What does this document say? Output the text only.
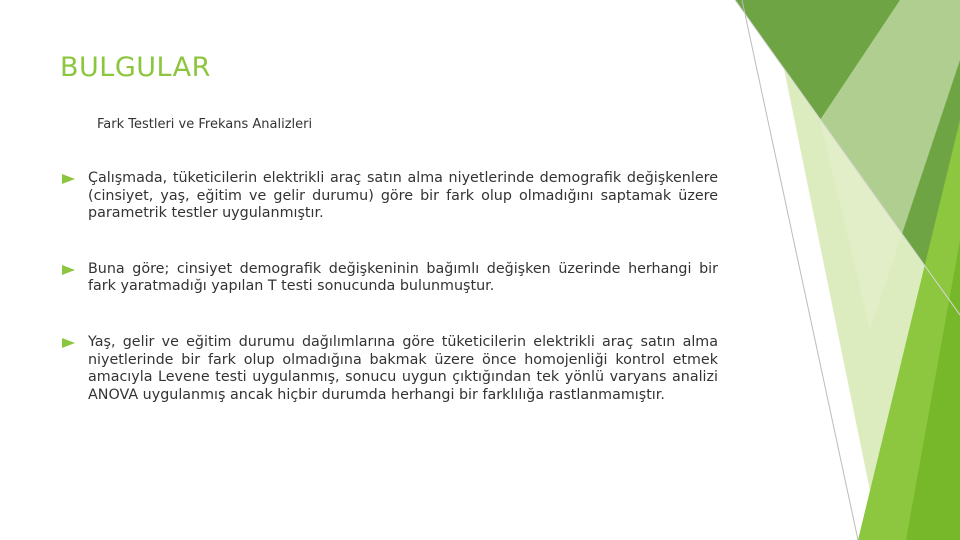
BULGULAR
Fark Testleri ve Frekans Analizleri
Çalışmada, tüketicilerin elektrikli araç satın alma niyetlerinde demografik değişkenlere (cinsiyet, yaş, eğitim ve gelir durumu) göre bir fark olup olmadığını saptamak üzere parametrik testler uygulanmıştır.
Buna göre; cinsiyet demografik değişkeninin bağımlı değişken üzerinde herhangi bir fark yaratmadığı yapılan T testi sonucunda bulunmuştur.
Yaş, gelir ve eğitim durumu dağılımlarına göre tüketicilerin elektrikli araç satın alma niyetlerinde bir fark olup olmadığına bakmak üzere önce homojenliği kontrol etmek amacıyla Levene testi uygulanmış, sonucu uygun çıktığından tek yönlü varyans analizi ANOVA uygulanmış ancak hiçbir durumda herhangi bir farklılığa rastlanmamıştır.
